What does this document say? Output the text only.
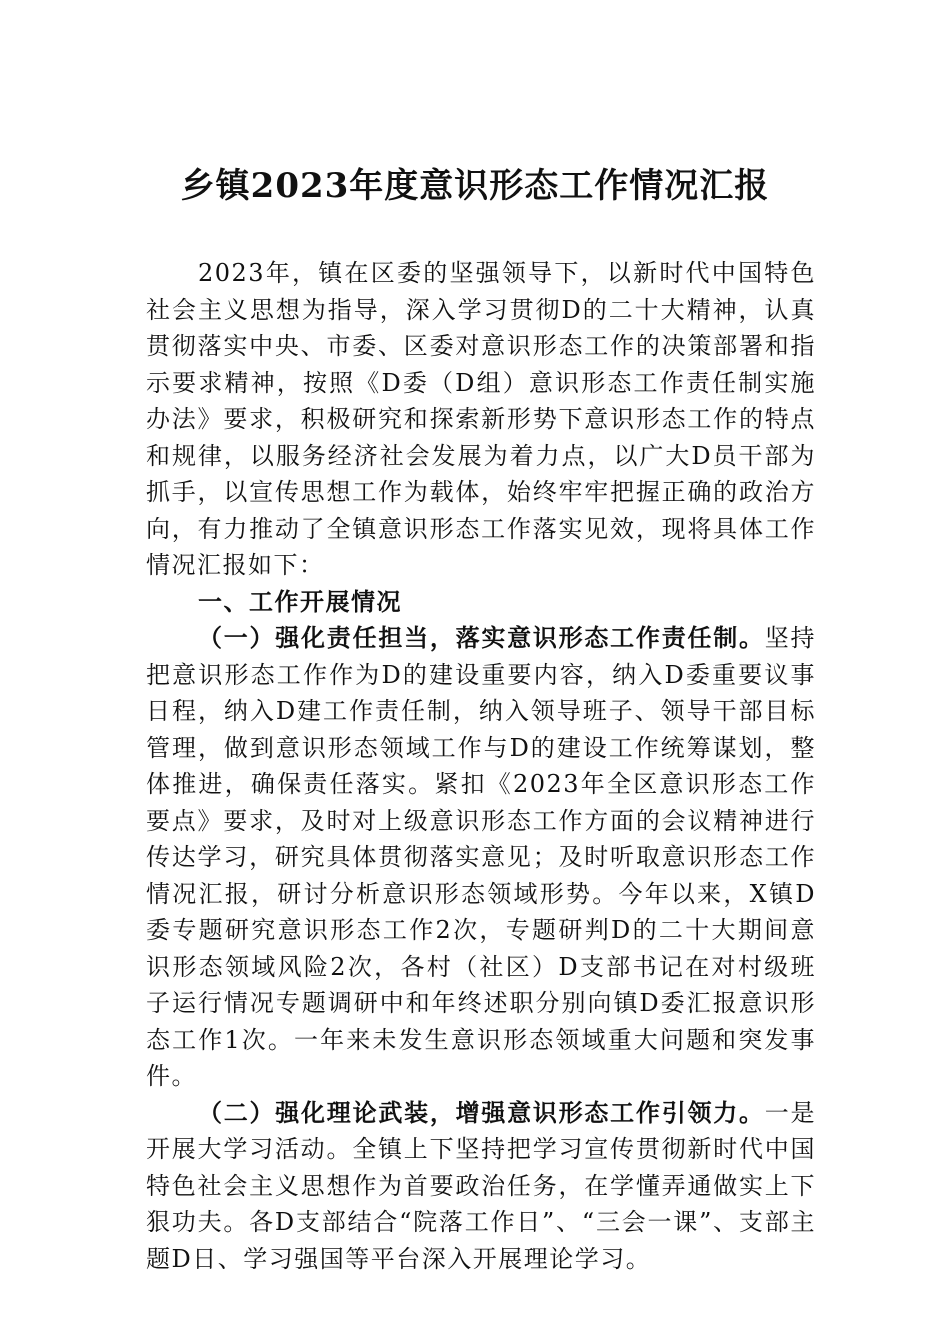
乡镇2023年度意识形态工作情况汇报

2023年，镇在区委的坚强领导下，以新时代中国特色社会主义思想为指导，深入学习贯彻D的二十大精神，认真贯彻落实中央、市委、区委对意识形态工作的决策部署和指示要求精神，按照《D委（D组）意识形态工作责任制实施办法》要求，积极研究和探索新形势下意识形态工作的特点和规律，以服务经济社会发展为着力点，以广大D员干部为抓手，以宣传思想工作为载体，始终牢牢把握正确的政治方向，有力推动了全镇意识形态工作落实见效，现将具体工作情况汇报如下：

一、工作开展情况

（一）强化责任担当，落实意识形态工作责任制。坚持把意识形态工作作为D的建设重要内容，纳入D委重要议事日程，纳入D建工作责任制，纳入领导班子、领导干部目标管理，做到意识形态领域工作与D的建设工作统筹谋划，整体推进，确保责任落实。紧扣《2023年全区意识形态工作要点》要求，及时对上级意识形态工作方面的会议精神进行传达学习，研究具体贯彻落实意见；及时听取意识形态工作情况汇报，研讨分析意识形态领域形势。今年以来，X镇D委专题研究意识形态工作2次，专题研判D的二十大期间意识形态领域风险2次，各村（社区）D支部书记在对村级班子运行情况专题调研中和年终述职分别向镇D委汇报意识形态工作1次。一年来未发生意识形态领域重大问题和突发事件。

（二）强化理论武装，增强意识形态工作引领力。一是开展大学习活动。全镇上下坚持把学习宣传贯彻新时代中国特色社会主义思想作为首要政治任务，在学懂弄通做实上下狠功夫。各D支部结合“院落工作日”、“三会一课”、支部主题D日、学习强国等平台深入开展理论学习。
